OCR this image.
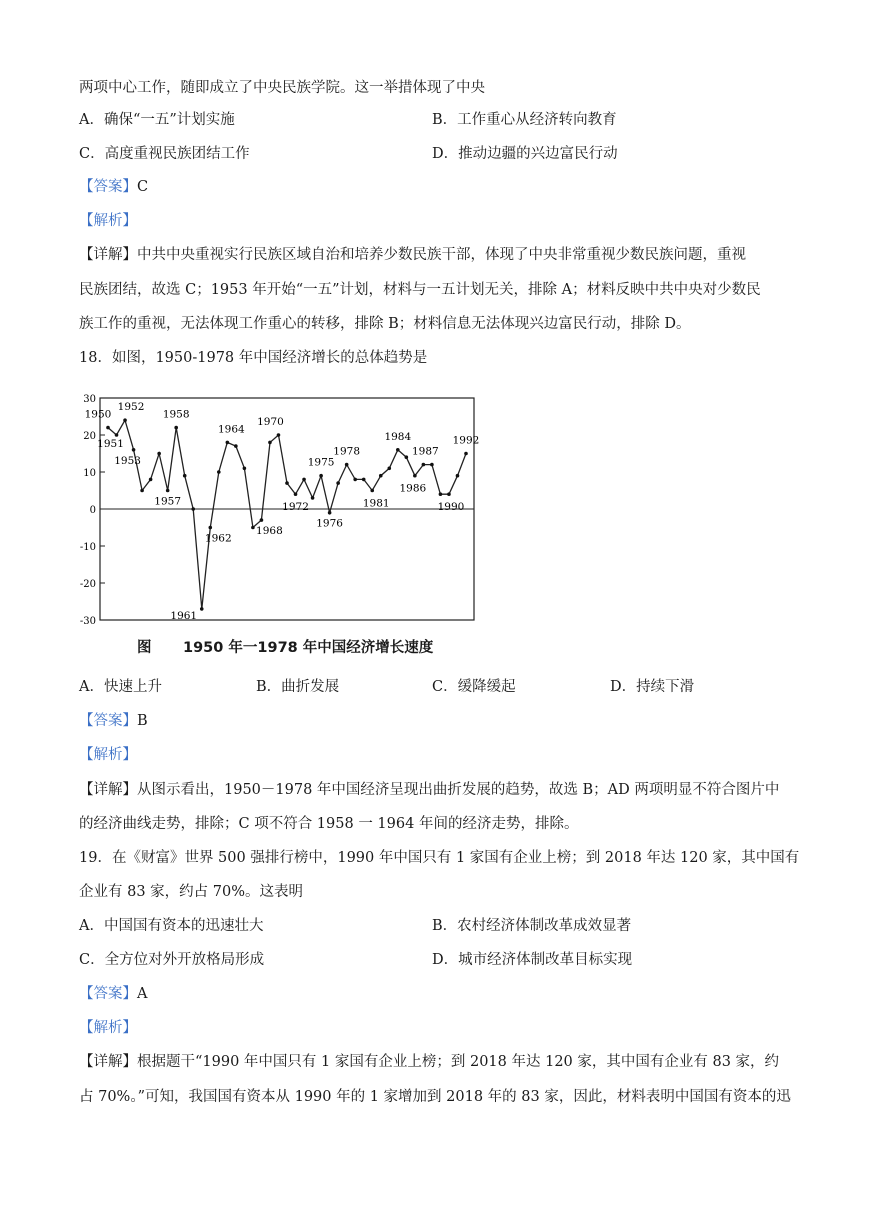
两项中心工作，随即成立了中央民族学院。这一举措体现了中央
A．确保“一五”计划实施	B．工作重心从经济转向教育
C．高度重视民族团结工作	D．推动边疆的兴边富民行动
【答案】C
【解析】
【详解】中共中央重视实行民族区域自治和培养少数民族干部，体现了中央非常重视少数民族问题，重视
民族团结，故选 C；1953 年开始“一五”计划，材料与一五计划无关，排除 A；材料反映中共中央对少数民
族工作的重视，无法体现工作重心的转移，排除 B；材料信息无法体现兴边富民行动，排除 D。
18．如图，1950-1978 年中国经济增长的总体趋势是
30
20
10
0
-10
-20
-30
1950
1951
1952
1953
1957
1958
1961
1962
1964
1968
1970
1972
1975
1976
1978
1981
1984
1986
1987
1990
1992
图 1950 年一1978 年中国经济增长速度
A．快速上升	B．曲折发展	C．缓降缓起	D．持续下滑
【答案】B
【解析】
【详解】从图示看出，1950－1978 年中国经济呈现出曲折发展的趋势，故选 B；AD 两项明显不符合图片中
的经济曲线走势，排除；C 项不符合 1958 一 1964 年间的经济走势，排除。
19．在《财富》世界 500 强排行榜中，1990 年中国只有 1 家国有企业上榜；到 2018 年达 120 家，其中国有
企业有 83 家，约占 70%。这表明
A．中国国有资本的迅速壮大	B．农村经济体制改革成效显著
C．全方位对外开放格局形成	D．城市经济体制改革目标实现
【答案】A
【解析】
【详解】根据题干“1990 年中国只有 1 家国有企业上榜；到 2018 年达 120 家，其中国有企业有 83 家，约
占 70%。”可知，我国国有资本从 1990 年的 1 家增加到 2018 年的 83 家，因此，材料表明中国国有资本的迅
